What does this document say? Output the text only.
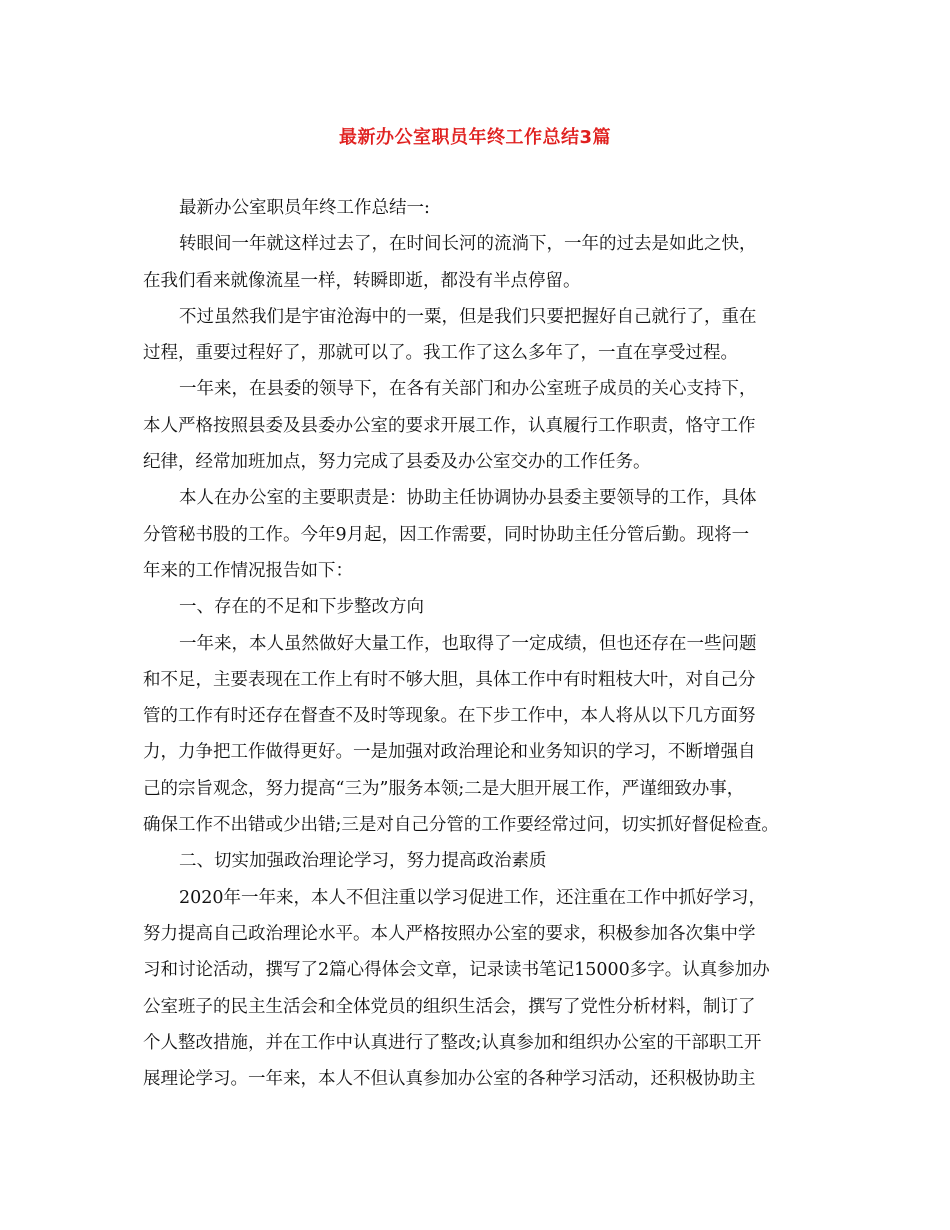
最新办公室职员年终工作总结3篇
最新办公室职员年终工作总结一:
转眼间一年就这样过去了，在时间长河的流淌下，一年的过去是如此之快，
在我们看来就像流星一样，转瞬即逝，都没有半点停留。
不过虽然我们是宇宙沧海中的一粟，但是我们只要把握好自己就行了，重在
过程，重要过程好了，那就可以了。我工作了这么多年了，一直在享受过程。
一年来，在县委的领导下，在各有关部门和办公室班子成员的关心支持下，
本人严格按照县委及县委办公室的要求开展工作，认真履行工作职责，恪守工作
纪律，经常加班加点，努力完成了县委及办公室交办的工作任务。
本人在办公室的主要职责是：协助主任协调协办县委主要领导的工作，具体
分管秘书股的工作。今年9月起，因工作需要，同时协助主任分管后勤。现将一
年来的工作情况报告如下：
一、存在的不足和下步整改方向
一年来，本人虽然做好大量工作，也取得了一定成绩，但也还存在一些问题
和不足，主要表现在工作上有时不够大胆，具体工作中有时粗枝大叶，对自己分
管的工作有时还存在督查不及时等现象。在下步工作中，本人将从以下几方面努
力，力争把工作做得更好。一是加强对政治理论和业务知识的学习，不断增强自
己的宗旨观念，努力提高“三为”服务本领;二是大胆开展工作，严谨细致办事，
确保工作不出错或少出错;三是对自己分管的工作要经常过问，切实抓好督促检查。
二、切实加强政治理论学习，努力提高政治素质
2020年一年来，本人不但注重以学习促进工作，还注重在工作中抓好学习，
努力提高自己政治理论水平。本人严格按照办公室的要求，积极参加各次集中学
习和讨论活动，撰写了2篇心得体会文章，记录读书笔记15000多字。认真参加办
公室班子的民主生活会和全体党员的组织生活会，撰写了党性分析材料，制订了
个人整改措施，并在工作中认真进行了整改;认真参加和组织办公室的干部职工开
展理论学习。一年来，本人不但认真参加办公室的各种学习活动，还积极协助主
